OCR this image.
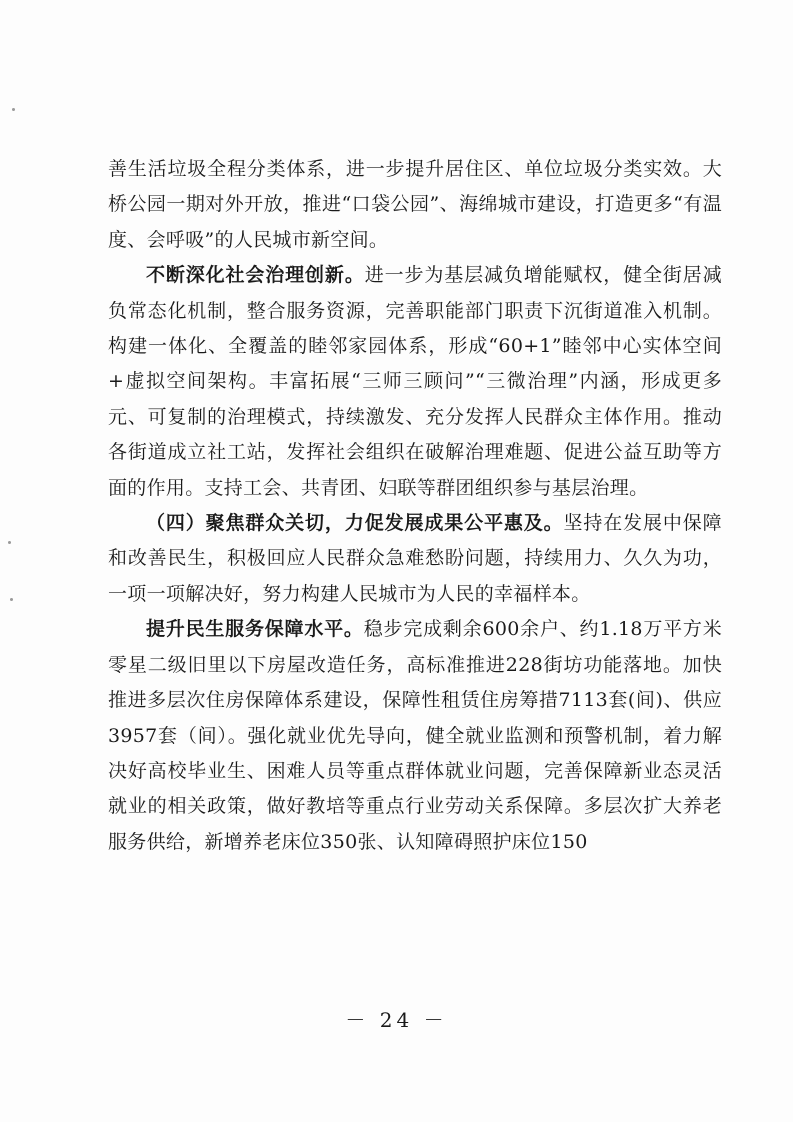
善生活垃圾全程分类体系，进一步提升居住区、单位垃圾分类实效。大桥公园一期对外开放，推进“口袋公园”、海绵城市建设，打造更多“有温度、会呼吸”的人民城市新空间。

不断深化社会治理创新。进一步为基层减负增能赋权，健全街居减负常态化机制，整合服务资源，完善职能部门职责下沉街道准入机制。构建一体化、全覆盖的睦邻家园体系，形成“60+1”睦邻中心实体空间+虚拟空间架构。丰富拓展“三师三顾问”“三微治理”内涵，形成更多元、可复制的治理模式，持续激发、充分发挥人民群众主体作用。推动各街道成立社工站，发挥社会组织在破解治理难题、促进公益互助等方面的作用。支持工会、共青团、妇联等群团组织参与基层治理。

（四）聚焦群众关切，力促发展成果公平惠及。坚持在发展中保障和改善民生，积极回应人民群众急难愁盼问题，持续用力、久久为功，一项一项解决好，努力构建人民城市为人民的幸福样本。

提升民生服务保障水平。稳步完成剩余600余户、约1.18万平方米零星二级旧里以下房屋改造任务，高标准推进228街坊功能落地。加快推进多层次住房保障体系建设，保障性租赁住房筹措7113套(间)、供应3957套（间）。强化就业优先导向，健全就业监测和预警机制，着力解决好高校毕业生、困难人员等重点群体就业问题，完善保障新业态灵活就业的相关政策，做好教培等重点行业劳动关系保障。多层次扩大养老服务供给，新增养老床位350张、认知障碍照护床位150

－ 24 －
